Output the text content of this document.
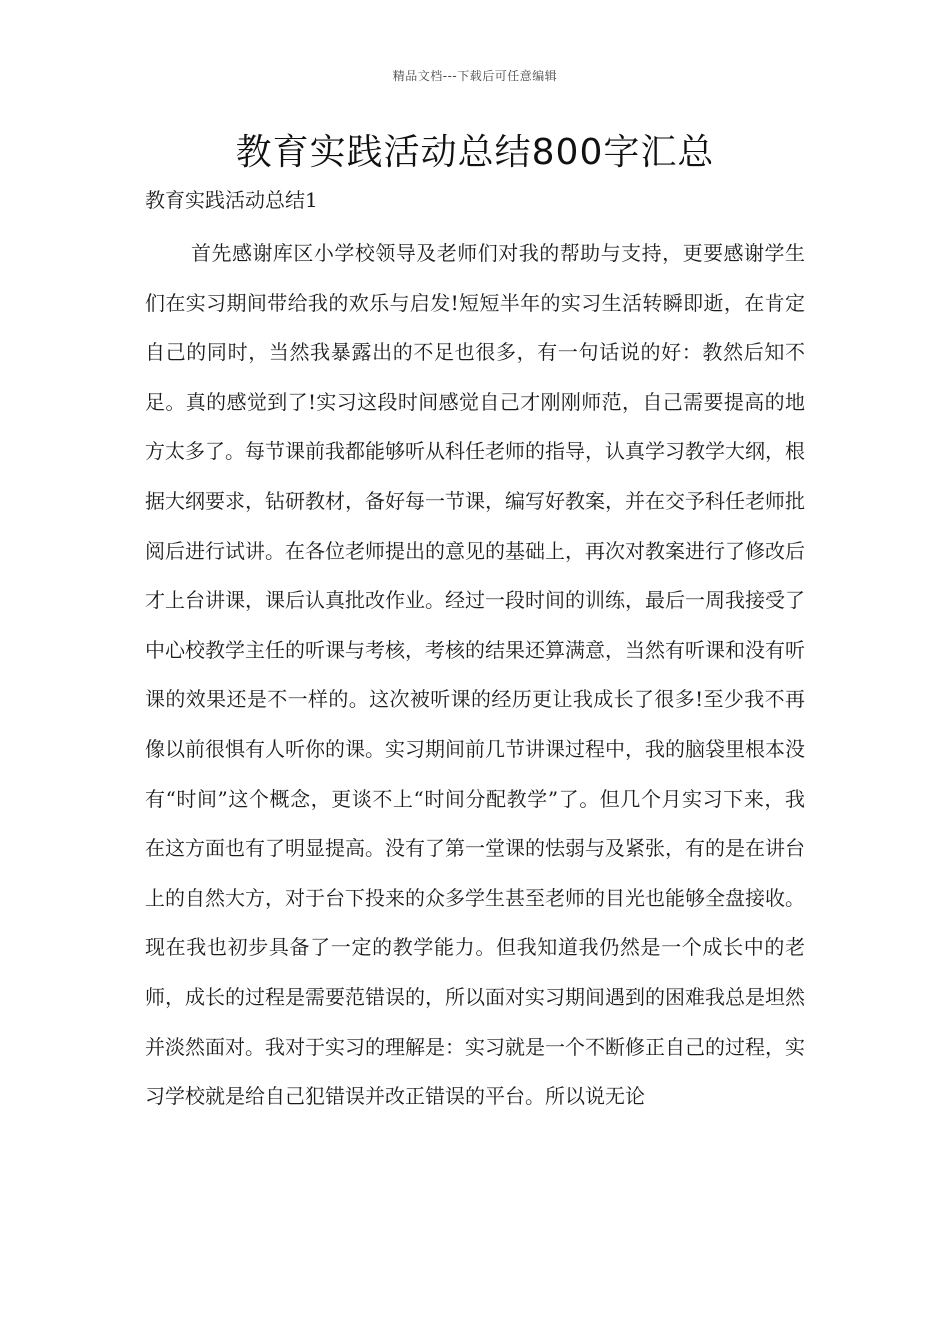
精品文档---下载后可任意编辑
教育实践活动总结800字汇总
教育实践活动总结1

首先感谢库区小学校领导及老师们对我的帮助与支持，更要感谢学生们在实习期间带给我的欢乐与启发!短短半年的实习生活转瞬即逝，在肯定自己的同时，当然我暴露出的不足也很多，有一句话说的好：教然后知不足。真的感觉到了!实习这段时间感觉自己才刚刚师范，自己需要提高的地方太多了。每节课前我都能够听从科任老师的指导，认真学习教学大纲，根据大纲要求，钻研教材，备好每一节课，编写好教案，并在交予科任老师批阅后进行试讲。在各位老师提出的意见的基础上，再次对教案进行了修改后才上台讲课，课后认真批改作业。经过一段时间的训练，最后一周我接受了中心校教学主任的听课与考核，考核的结果还算满意，当然有听课和没有听课的效果还是不一样的。这次被听课的经历更让我成长了很多!至少我不再像以前很惧有人听你的课。实习期间前几节讲课过程中，我的脑袋里根本没有“时间”这个概念，更谈不上“时间分配教学”了。但几个月实习下来，我在这方面也有了明显提高。没有了第一堂课的怯弱与及紧张，有的是在讲台上的自然大方，对于台下投来的众多学生甚至老师的目光也能够全盘接收。现在我也初步具备了一定的教学能力。但我知道我仍然是一个成长中的老师，成长的过程是需要范错误的，所以面对实习期间遇到的困难我总是坦然并淡然面对。我对于实习的理解是：实习就是一个不断修正自己的过程，实习学校就是给自己犯错误并改正错误的平台。所以说无论
